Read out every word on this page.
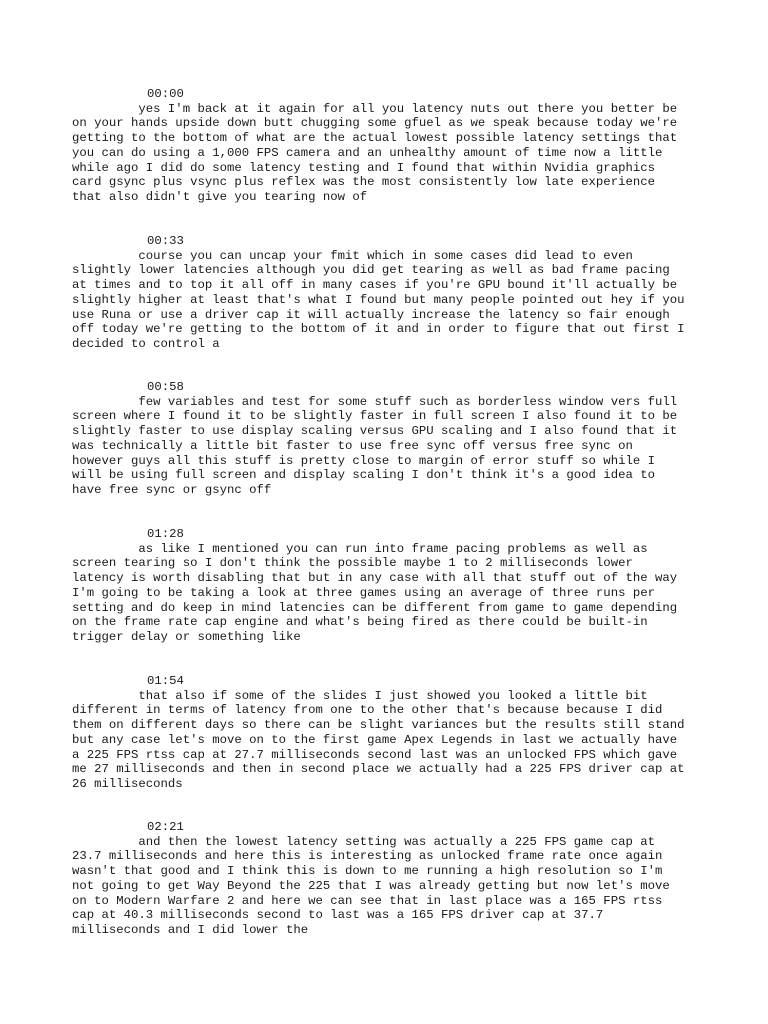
00:00
yes I'm back at it again for all you latency nuts out there you better be
on your hands upside down butt chugging some gfuel as we speak because today we're
getting to the bottom of what are the actual lowest possible latency settings that
you can do using a 1,000 FPS camera and an unhealthy amount of time now a little
while ago I did do some latency testing and I found that within Nvidia graphics
card gsync plus vsync plus reflex was the most consistently low late experience
that also didn't give you tearing now of
00:33
course you can uncap your fmit which in some cases did lead to even
slightly lower latencies although you did get tearing as well as bad frame pacing
at times and to top it all off in many cases if you're GPU bound it'll actually be
slightly higher at least that's what I found but many people pointed out hey if you
use Runa or use a driver cap it will actually increase the latency so fair enough
off today we're getting to the bottom of it and in order to figure that out first I
decided to control a
00:58
few variables and test for some stuff such as borderless window vers full
screen where I found it to be slightly faster in full screen I also found it to be
slightly faster to use display scaling versus GPU scaling and I also found that it
was technically a little bit faster to use free sync off versus free sync on
however guys all this stuff is pretty close to margin of error stuff so while I
will be using full screen and display scaling I don't think it's a good idea to
have free sync or gsync off
01:28
as like I mentioned you can run into frame pacing problems as well as
screen tearing so I don't think the possible maybe 1 to 2 milliseconds lower
latency is worth disabling that but in any case with all that stuff out of the way
I'm going to be taking a look at three games using an average of three runs per
setting and do keep in mind latencies can be different from game to game depending
on the frame rate cap engine and what's being fired as there could be built-in
trigger delay or something like
01:54
that also if some of the slides I just showed you looked a little bit
different in terms of latency from one to the other that's because because I did
them on different days so there can be slight variances but the results still stand
but any case let's move on to the first game Apex Legends in last we actually have
a 225 FPS rtss cap at 27.7 milliseconds second last was an unlocked FPS which gave
me 27 milliseconds and then in second place we actually had a 225 FPS driver cap at
26 milliseconds
02:21
and then the lowest latency setting was actually a 225 FPS game cap at
23.7 milliseconds and here this is interesting as unlocked frame rate once again
wasn't that good and I think this is down to me running a high resolution so I'm
not going to get Way Beyond the 225 that I was already getting but now let's move
on to Modern Warfare 2 and here we can see that in last place was a 165 FPS rtss
cap at 40.3 milliseconds second to last was a 165 FPS driver cap at 37.7
milliseconds and I did lower the
